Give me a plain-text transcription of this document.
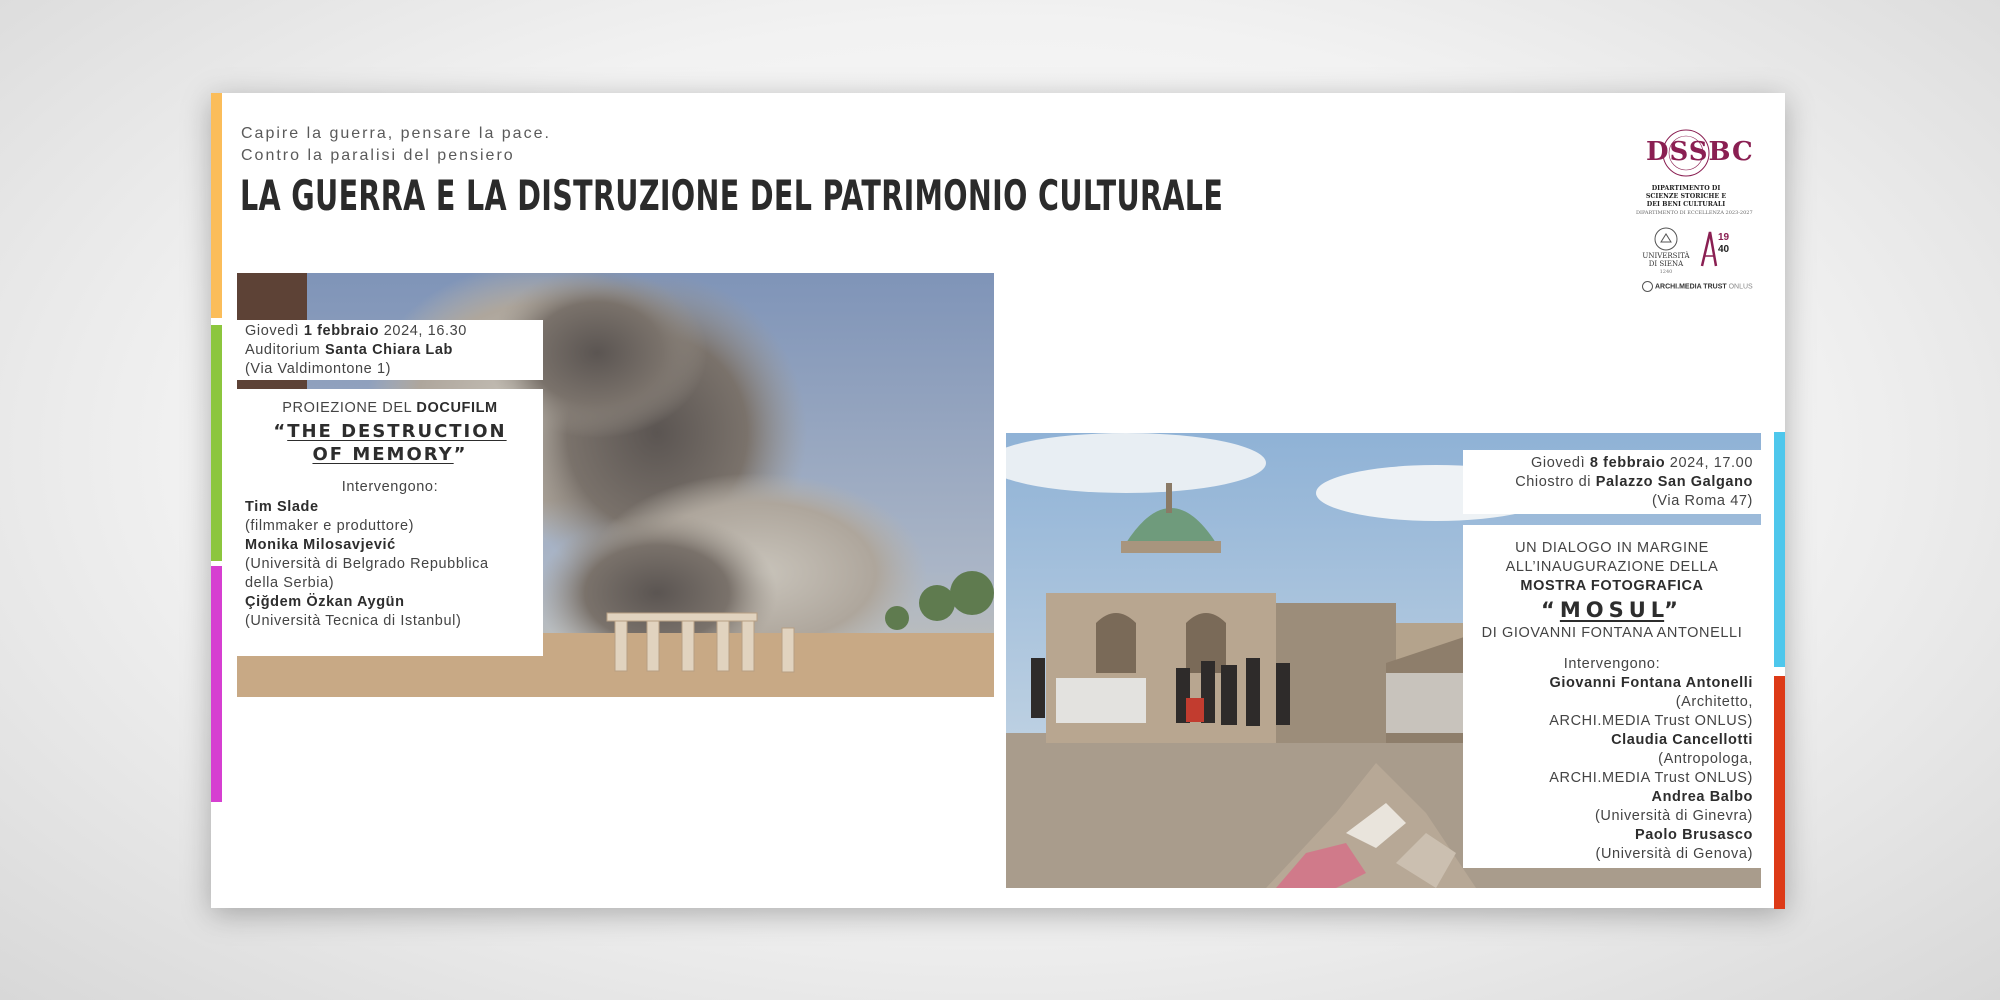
Capire la guerra, pensare la pace.
Contro la paralisi del pensiero
LA GUERRA E LA DISTRUZIONE DEL PATRIMONIO CULTURALE
DSSBC
DIPARTIMENTO DI
SCIENZE STORICHE E
DEI BENI CULTURALI
DIPARTIMENTO DI ECCELLENZA 2023-2027
UNIVERSITÀ
DI SIENA
1240
19
40
ARCHI.MEDIA TRUST ONLUS
Giovedì 1 febbraio 2024, 16.30
Auditorium Santa Chiara Lab
(Via Valdimontone 1)
PROIEZIONE DEL DOCUFILM
“THE DESTRUCTION
OF MEMORY”
Intervengono:
Tim Slade
(filmmaker e produttore)
Monika Milosavjević
(Università di Belgrado Repubblica
della Serbia)
Çiğdem Özkan Aygün
(Università Tecnica di Istanbul)
Giovedì 8 febbraio 2024, 17.00
Chiostro di Palazzo San Galgano
(Via Roma 47)
UN DIALOGO IN MARGINE
ALL’INAUGURAZIONE DELLA
MOSTRA FOTOGRAFICA
“MOSUL”
DI GIOVANNI FONTANA ANTONELLI
Intervengono:
Giovanni Fontana Antonelli
(Architetto,
ARCHI.MEDIA Trust ONLUS)
Claudia Cancellotti
(Antropologa,
ARCHI.MEDIA Trust ONLUS)
Andrea Balbo
(Università di Ginevra)
Paolo Brusasco
(Università di Genova)
